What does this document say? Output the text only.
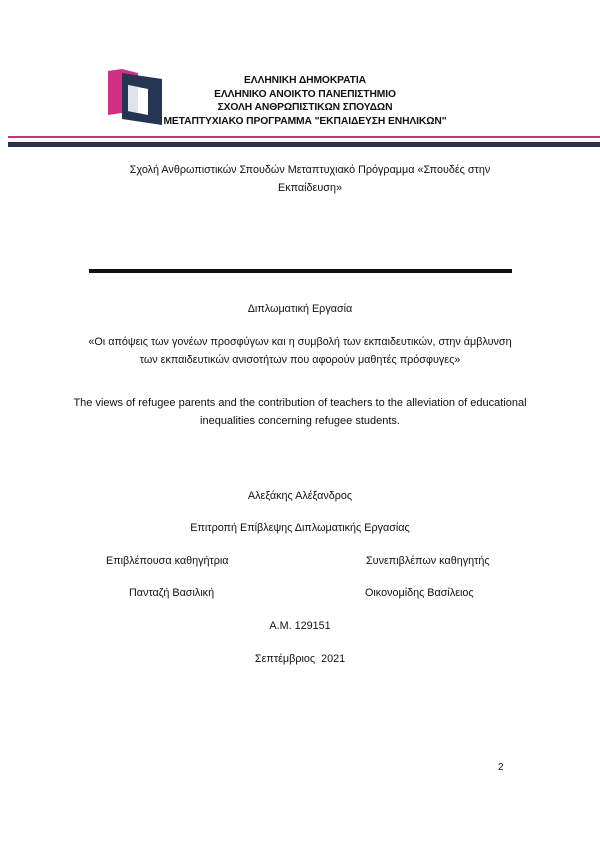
ΕΛΛΗΝΙΚΗ ΔΗΜΟΚΡΑΤΙΑ
ΕΛΛΗΝΙΚΟ ΑΝΟΙΚΤΟ ΠΑΝΕΠΙΣΤΗΜΙΟ
ΣΧΟΛΗ ΑΝΘΡΩΠΙΣΤΙΚΩΝ ΣΠΟΥΔΩΝ
ΜΕΤΑΠΤΥΧΙΑΚΟ ΠΡΟΓΡΑΜΜΑ "ΕΚΠΑΙΔΕΥΣΗ ΕΝΗΛΙΚΩΝ"
Σχολή Ανθρωπιστικών Σπουδών Μεταπτυχιακό Πρόγραμμα «Σπουδές στην Εκπαίδευση»
Διπλωματική Εργασία
«Οι απόψεις των γονέων προσφύγων και η συμβολή των εκπαιδευτικών, στην άμβλυνση των εκπαιδευτικών ανισοτήτων που αφορούν μαθητές πρόσφυγες»
The views of refugee parents and the contribution of teachers to the alleviation of educational inequalities concerning refugee students.
Αλεξάκης Αλέξανδρος
Επιτροπή Επίβλεψης Διπλωματικής Εργασίας
Επιβλέπουσα καθηγήτρια	Συνεπιβλέπων καθηγητής
Πανταζή Βασιλική	Οικονομίδης Βασίλειος
Α.Μ. 129151
Σεπτέμβριος  2021
2
